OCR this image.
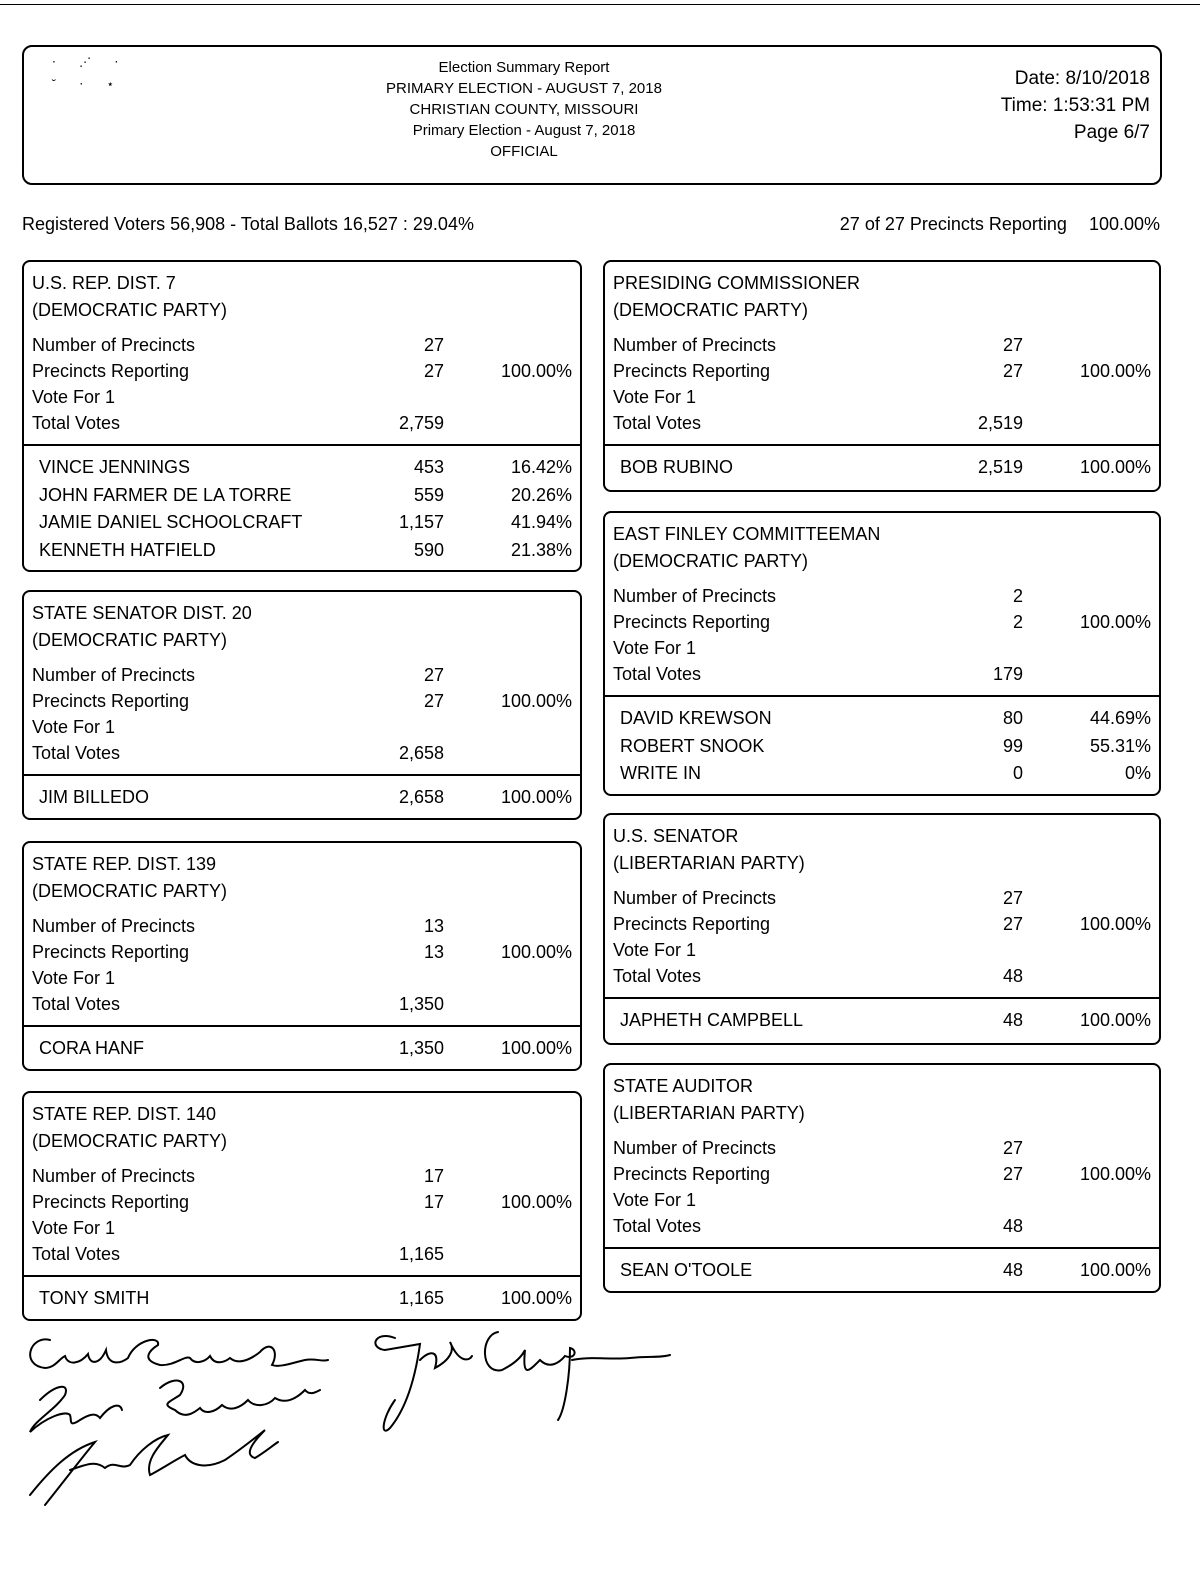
⋅ ⋰ ⋅
˘ ⋅ ⋆
Election Summary Report
PRIMARY ELECTION - AUGUST 7, 2018
CHRISTIAN COUNTY, MISSOURI
Primary Election - August 7, 2018
OFFICIAL
Date: 8/10/2018
Time: 1:53:31 PM
Page 6/7
Registered Voters 56,908 - Total Ballots 16,527 : 29.04%	27 of 27 Precincts Reporting 100.00%
U.S. REP. DIST. 7
(DEMOCRATIC PARTY)
Number of Precincts	27
Precincts Reporting	27	100.00%
Vote For 1
Total Votes	2,759
VINCE JENNINGS	453	16.42%
JOHN FARMER DE LA TORRE	559	20.26%
JAMIE DANIEL SCHOOLCRAFT	1,157	41.94%
KENNETH HATFIELD	590	21.38%
STATE SENATOR DIST. 20
(DEMOCRATIC PARTY)
Number of Precincts	27
Precincts Reporting	27	100.00%
Vote For 1
Total Votes	2,658
JIM BILLEDO	2,658	100.00%
STATE REP. DIST. 139
(DEMOCRATIC PARTY)
Number of Precincts	13
Precincts Reporting	13	100.00%
Vote For 1
Total Votes	1,350
CORA HANF	1,350	100.00%
STATE REP. DIST. 140
(DEMOCRATIC PARTY)
Number of Precincts	17
Precincts Reporting	17	100.00%
Vote For 1
Total Votes	1,165
TONY SMITH	1,165	100.00%
PRESIDING COMMISSIONER
(DEMOCRATIC PARTY)
Number of Precincts	27
Precincts Reporting	27	100.00%
Vote For 1
Total Votes	2,519
BOB RUBINO	2,519	100.00%
EAST FINLEY COMMITTEEMAN
(DEMOCRATIC PARTY)
Number of Precincts	2
Precincts Reporting	2	100.00%
Vote For 1
Total Votes	179
DAVID KREWSON	80	44.69%
ROBERT SNOOK	99	55.31%
WRITE IN	0	0%
U.S. SENATOR
(LIBERTARIAN PARTY)
Number of Precincts	27
Precincts Reporting	27	100.00%
Vote For 1
Total Votes	48
JAPHETH CAMPBELL	48	100.00%
STATE AUDITOR
(LIBERTARIAN PARTY)
Number of Precincts	27
Precincts Reporting	27	100.00%
Vote For 1
Total Votes	48
SEAN O'TOOLE	48	100.00%
